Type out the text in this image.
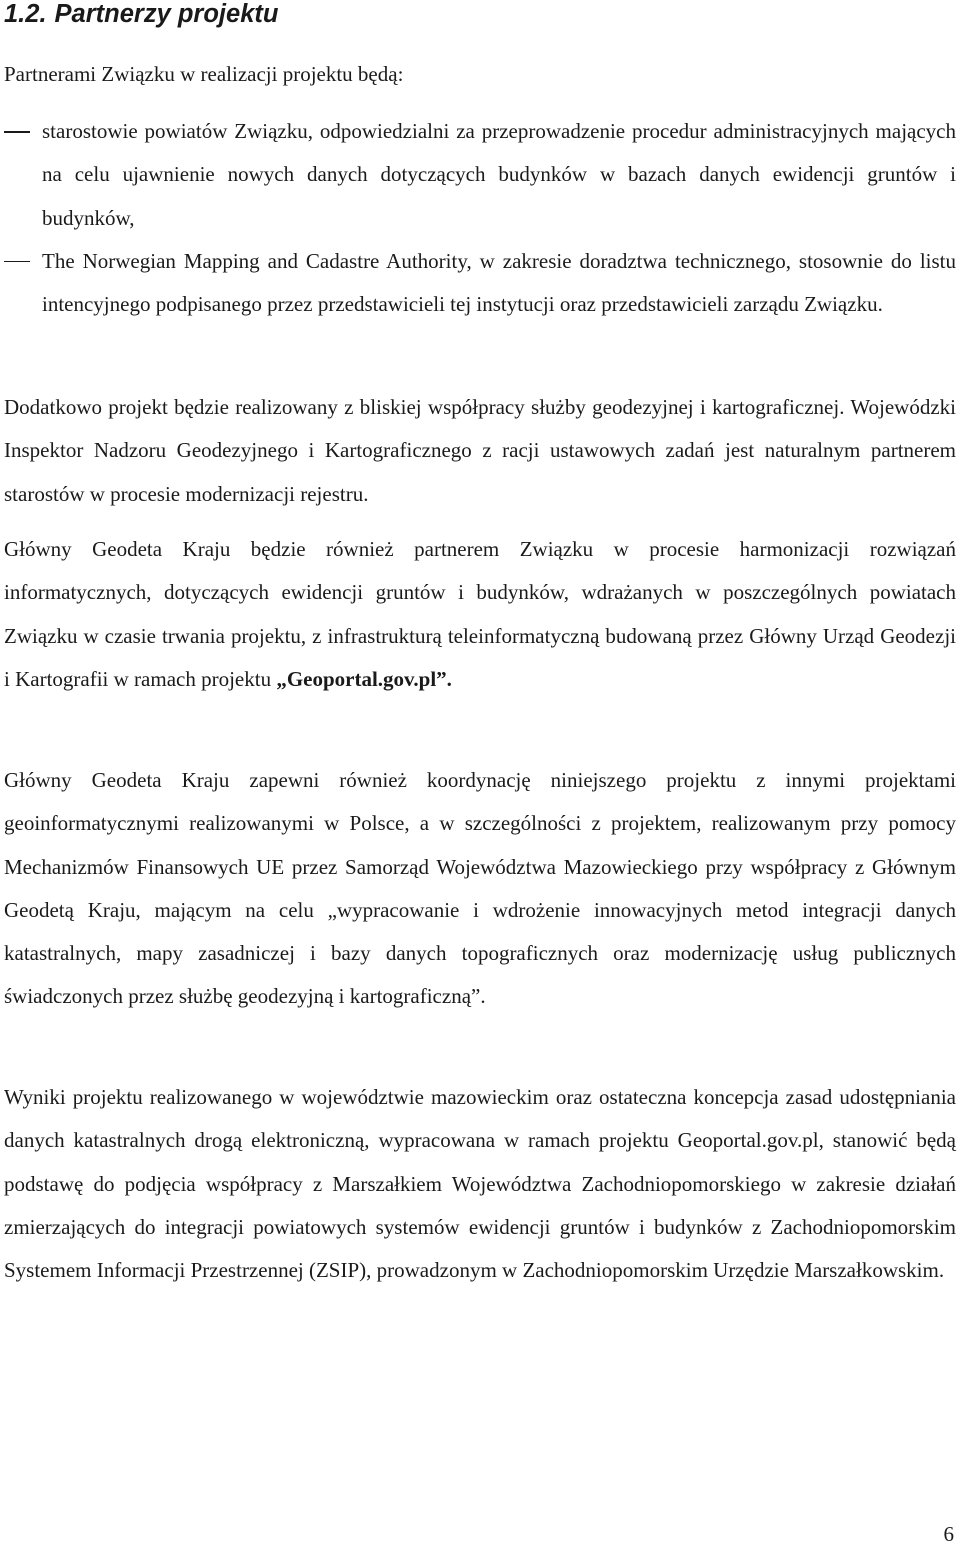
1.2. Partnerzy projektu

Partnerami Związku w realizacji projektu będą:

starostowie powiatów Związku, odpowiedzialni za przeprowadzenie procedur administracyjnych mających na celu ujawnienie nowych danych dotyczących budynków w bazach danych ewidencji gruntów i budynków,
The Norwegian Mapping and Cadastre Authority, w zakresie doradztwa technicznego, stosownie do listu intencyjnego podpisanego przez przedstawicieli tej instytucji oraz przedstawicieli zarządu Związku.

Dodatkowo projekt będzie realizowany z bliskiej współpracy służby geodezyjnej i kartograficznej. Wojewódzki Inspektor Nadzoru Geodezyjnego i Kartograficznego z racji ustawowych zadań jest naturalnym partnerem starostów w procesie modernizacji rejestru.

Główny Geodeta Kraju będzie również partnerem Związku w procesie harmonizacji rozwiązań informatycznych, dotyczących ewidencji gruntów i budynków, wdrażanych w poszczególnych powiatach Związku w czasie trwania projektu, z infrastrukturą teleinformatyczną budowaną przez Główny Urząd Geodezji i Kartografii w ramach projektu „Geoportal.gov.pl”.

Główny Geodeta Kraju zapewni również koordynację niniejszego projektu z innymi projektami geoinformatycznymi realizowanymi w Polsce, a w szczególności z projektem, realizowanym przy pomocy Mechanizmów Finansowych UE przez Samorząd Województwa Mazowieckiego przy współpracy z Głównym Geodetą Kraju, mającym na celu „wypracowanie i wdrożenie innowacyjnych metod integracji danych katastralnych, mapy zasadniczej i bazy danych topograficznych oraz modernizację usług publicznych świadczonych przez służbę geodezyjną i kartograficzną”.

Wyniki projektu realizowanego w województwie mazowieckim oraz ostateczna koncepcja zasad udostępniania danych katastralnych drogą elektroniczną, wypracowana w ramach projektu Geoportal.gov.pl, stanowić będą podstawę do podjęcia współpracy z Marszałkiem Województwa Zachodniopomorskiego w zakresie działań zmierzających do integracji powiatowych systemów ewidencji gruntów i budynków z Zachodniopomorskim Systemem Informacji Przestrzennej (ZSIP), prowadzonym w Zachodniopomorskim Urzędzie Marszałkowskim.

6
